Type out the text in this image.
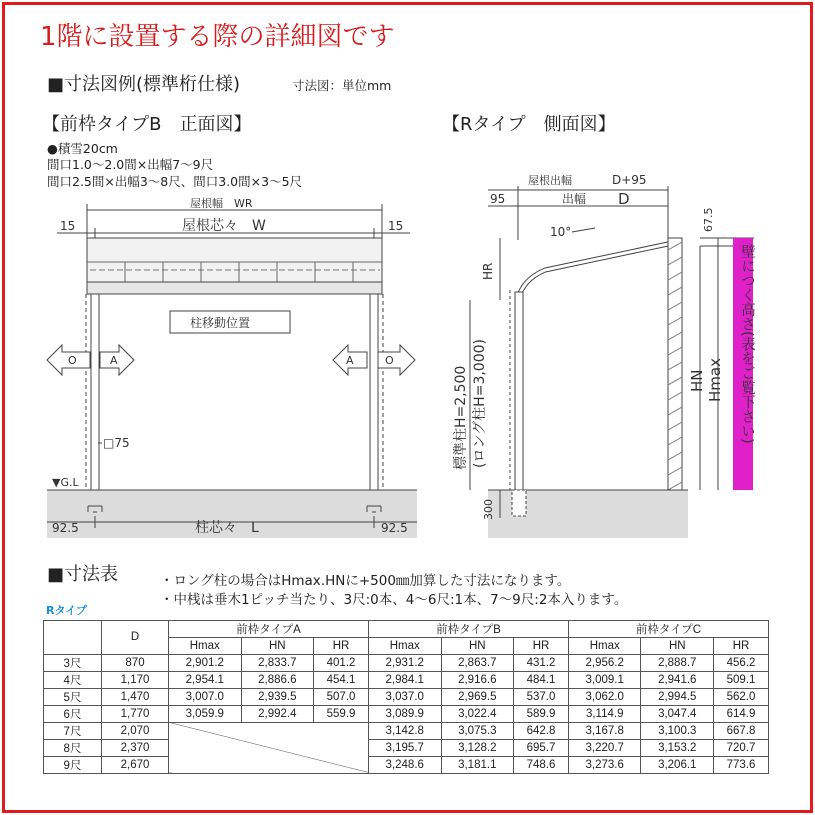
1階に設置する際の詳細図です
■寸法図例(標準桁仕様)	寸法図：単位mm
【前枠タイプB　正面図】	【Rタイプ　側面図】
●積雪20cm
間口1.0〜2.0間×出幅7〜9尺
間口2.5間×出幅3〜8尺、間口3.0間×3〜5尺
屋根幅　WR
15	15
屋根芯々　W
柱移動位置
O	A	A	O
□75
▼G.L
92.5	92.5
柱芯々　L
屋根出幅	D+95
95	出幅 D
10°	67.5
HR
標準柱H=2,500 (ロング柱H=3,000)	HN Hmax 壁につく高さ(表をご覧下さい)
300
■寸法表	・ロング柱の場合はHmax.HNに+500㎜加算した寸法になります。
・中桟は垂木1ピッチ当たり、3尺:0本、4〜6尺:1本、7〜9尺:2本入ります。
Rタイプ
	D	前枠タイプA			前枠タイプB			前枠タイプC		
		Hmax	HN	HR	Hmax	HN	HR	Hmax	HN	HR
3尺	870	2,901.2	2,833.7	401.2	2,931.2	2,863.7	431.2	2,956.2	2,888.7	456.2
4尺	1,170	2,954.1	2,886.6	454.1	2,984.1	2,916.6	484.1	3,009.1	2,941.6	509.1
5尺	1,470	3,007.0	2,939.5	507.0	3,037.0	2,969.5	537.0	3,062.0	2,994.5	562.0
6尺	1,770	3,059.9	2,992.4	559.9	3,089.9	3,022.4	589.9	3,114.9	3,047.4	614.9
7尺	2,070				3,142.8	3,075.3	642.8	3,167.8	3,100.3	667.8
8尺	2,370				3,195.7	3,128.2	695.7	3,220.7	3,153.2	720.7
9尺	2,670				3,248.6	3,181.1	748.6	3,273.6	3,206.1	773.6
